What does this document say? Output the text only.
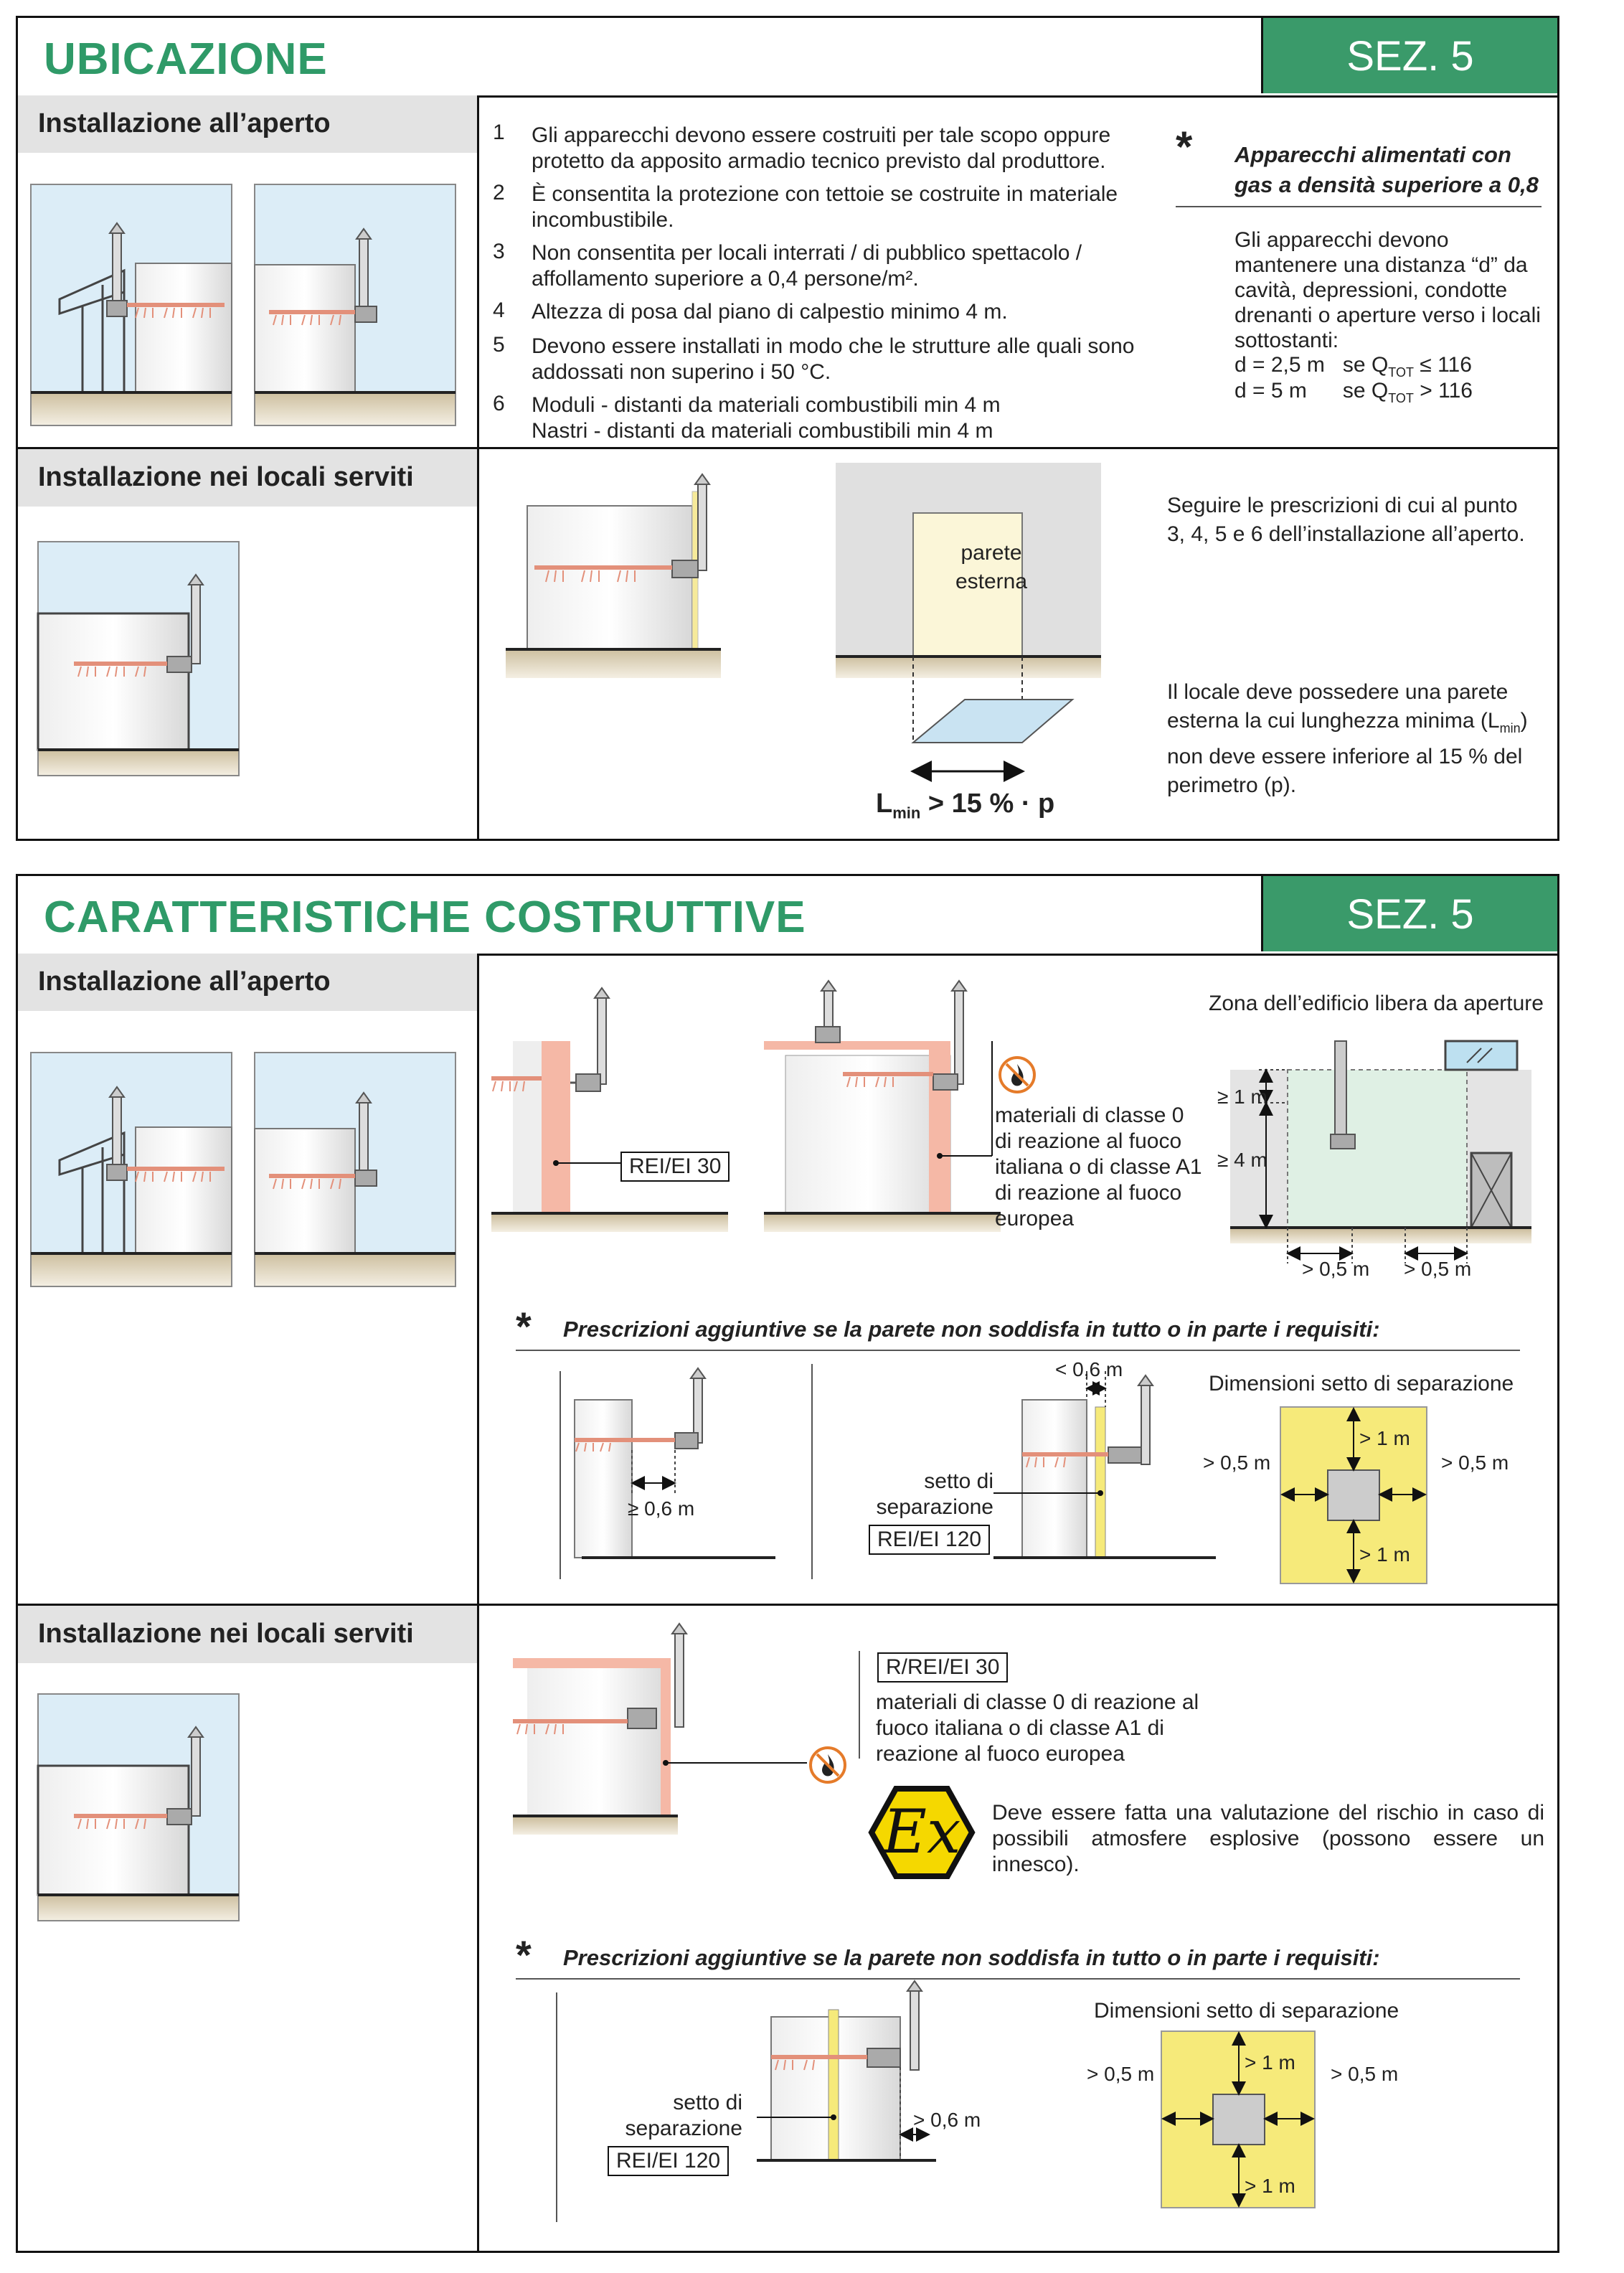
UBICAZIONE	SEZ. 5
Installazione all’aperto	1 Gli apparecchi devono essere costruiti per tale scopo oppure protetto da apposito armadio tecnico previsto dal produttore.
2 È consentita la protezione con tettoie se costruite in materiale incombustibile.
3 Non consentita per locali interrati / di pubblico spettacolo / affollamento superiore a 0,4 persone/m².
4 Altezza di posa dal piano di calpestio minimo 4 m.
5 Devono essere installati in modo che le strutture alle quali sono addossati non superino i 50 °C.
6 Moduli - distanti da materiali combustibili min 4 m
Nastri - distanti da materiali combustibili min 4 m
* Apparecchi alimentati con gas a densità superiore a 0,8
Gli apparecchi devono mantenere una distanza “d” da cavità, depressioni, condotte drenanti o aperture verso i locali sottostanti:
d = 2,5 m se $Q_{TOT} \le 116$
d = 5 m se $Q_{TOT} > 116$
Installazione nei locali serviti
parete
esterna
$L_{min} > 15$ % · p
Seguire le prescrizioni di cui al punto 3, 4, 5 e 6 dell’installazione all’aperto.
Il locale deve possedere una parete esterna la cui lunghezza minima $(L_{min})$ non deve essere inferiore al 15 % del perimetro (p).
CARATTERISTICHE COSTRUTTIVE	SEZ. 5
Installazione all’aperto
REI/EI 30
materiali di classe 0 di reazione al fuoco italiana o di classe A1 di reazione al fuoco europea
Zona dell’edificio libera da aperture
≥ 1 m
≥ 4 m
> 0,5 m > 0,5 m
* Prescrizioni aggiuntive se la parete non soddisfa in tutto o in parte i requisiti:
≥ 0,6 m
< 0,6 m
setto di separazione
REI/EI 120
Dimensioni setto di separazione
> 1 m
> 1 m
> 0,5 m	> 0,5 m
Installazione nei locali serviti
R/REI/EI 30
materiali di classe 0 di reazione al fuoco italiana o di classe A1 di reazione al fuoco europea
Ex	Deve essere fatta una valutazione del rischio in caso di possibili atmosfere esplosive (possono essere un innesco).
* Prescrizioni aggiuntive se la parete non soddisfa in tutto o in parte i requisiti:
> 0,6 m
setto di separazione
REI/EI 120
Dimensioni setto di separazione
> 1 m
> 1 m
> 0,5 m	> 0,5 m
